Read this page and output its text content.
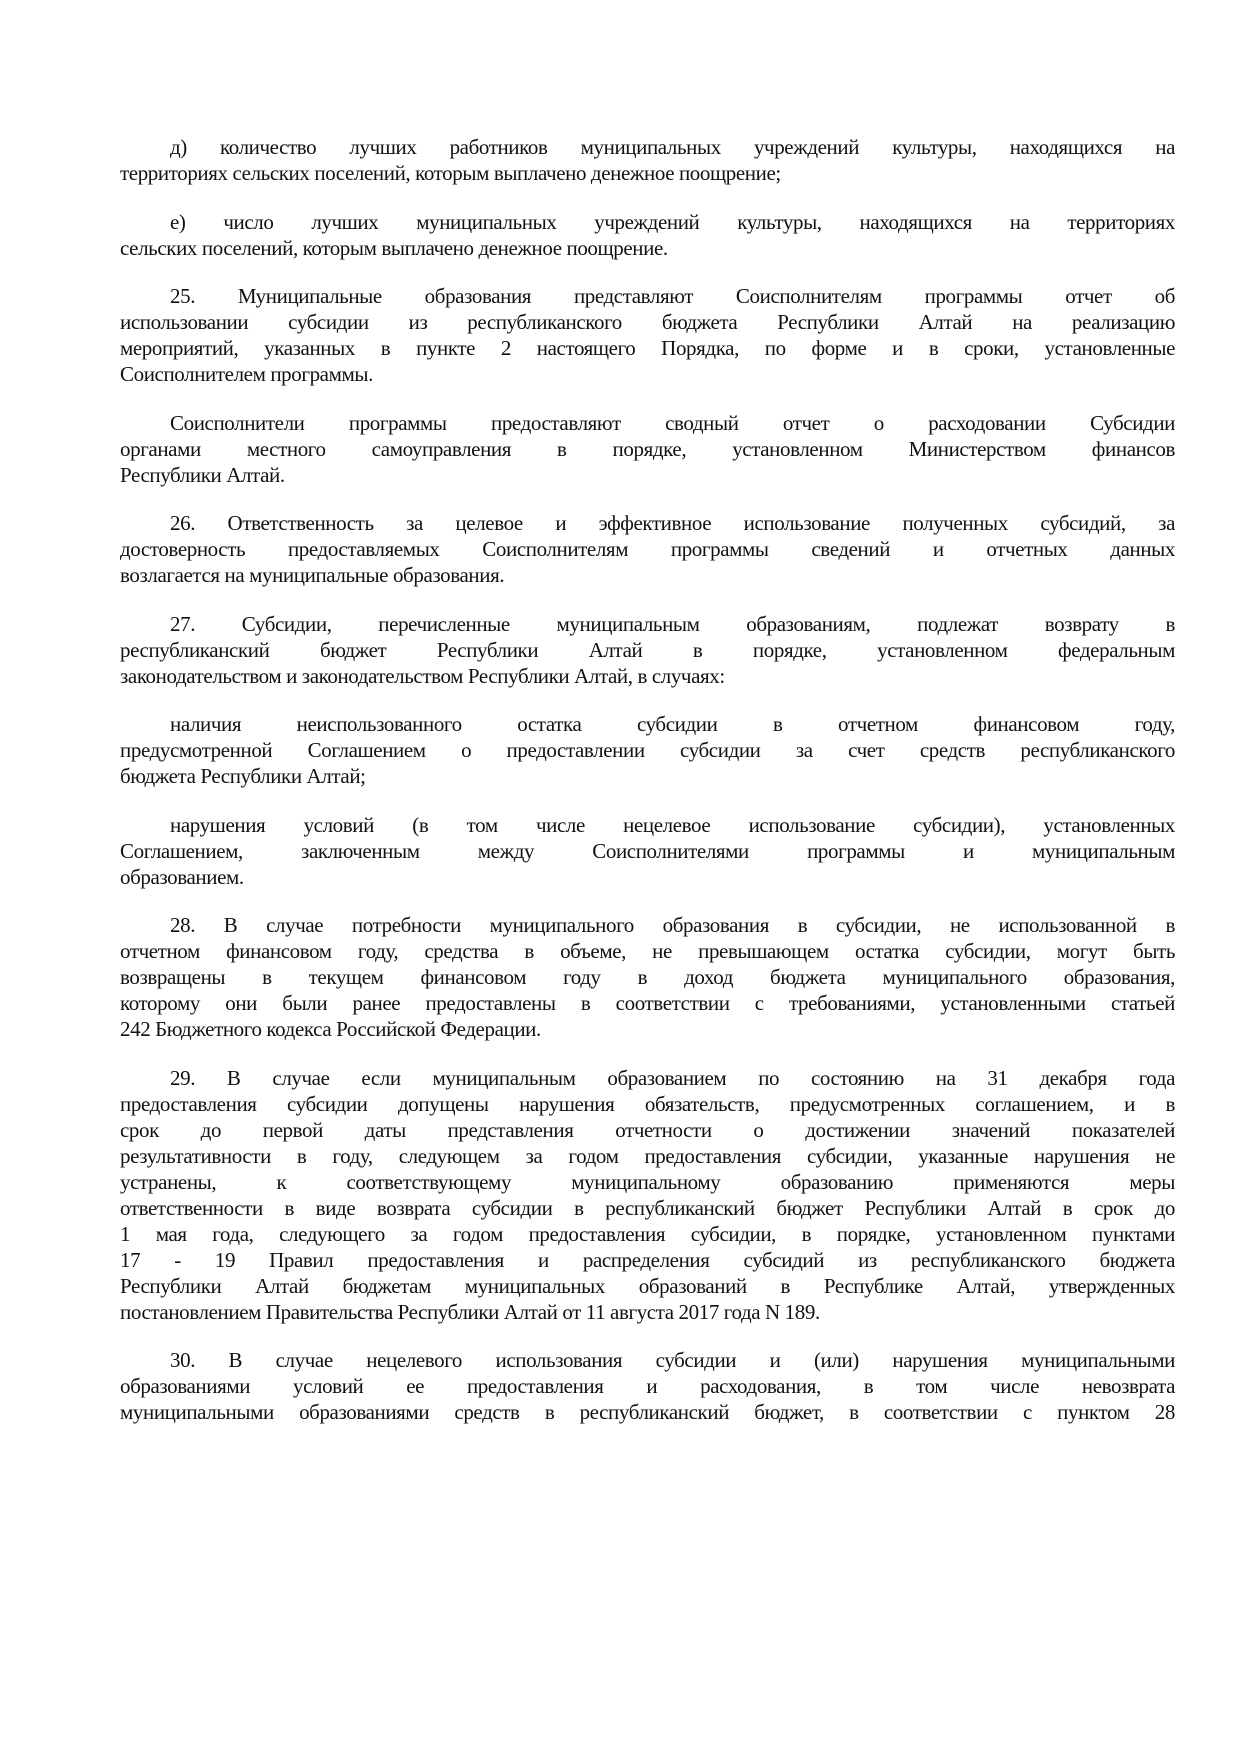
д) количество лучших работников муниципальных учреждений культуры, находящихся на
территориях сельских поселений, которым выплачено денежное поощрение;
е) число лучших муниципальных учреждений культуры, находящихся на территориях
сельских поселений, которым выплачено денежное поощрение.
25. Муниципальные образования представляют Соисполнителям программы отчет об
использовании субсидии из республиканского бюджета Республики Алтай на реализацию
мероприятий, указанных в пункте 2 настоящего Порядка, по форме и в сроки, установленные
Соисполнителем программы.
Соисполнители программы предоставляют сводный отчет о расходовании Субсидии
органами местного самоуправления в порядке, установленном Министерством финансов
Республики Алтай.
26. Ответственность за целевое и эффективное использование полученных субсидий, за
достоверность предоставляемых Соисполнителям программы сведений и отчетных данных
возлагается на муниципальные образования.
27. Субсидии, перечисленные муниципальным образованиям, подлежат возврату в
республиканский бюджет Республики Алтай в порядке, установленном федеральным
законодательством и законодательством Республики Алтай, в случаях:
наличия неиспользованного остатка субсидии в отчетном финансовом году,
предусмотренной Соглашением о предоставлении субсидии за счет средств республиканского
бюджета Республики Алтай;
нарушения условий (в том числе нецелевое использование субсидии), установленных
Соглашением, заключенным между Соисполнителями программы и муниципальным
образованием.
28. В случае потребности муниципального образования в субсидии, не использованной в
отчетном финансовом году, средства в объеме, не превышающем остатка субсидии, могут быть
возвращены в текущем финансовом году в доход бюджета муниципального образования,
которому они были ранее предоставлены в соответствии с требованиями, установленными статьей
242 Бюджетного кодекса Российской Федерации.
29. В случае если муниципальным образованием по состоянию на 31 декабря года
предоставления субсидии допущены нарушения обязательств, предусмотренных соглашением, и в
срок до первой даты представления отчетности о достижении значений показателей
результативности в году, следующем за годом предоставления субсидии, указанные нарушения не
устранены, к соответствующему муниципальному образованию применяются меры
ответственности в виде возврата субсидии в республиканский бюджет Республики Алтай в срок до
1 мая года, следующего за годом предоставления субсидии, в порядке, установленном пунктами
17 - 19 Правил предоставления и распределения субсидий из республиканского бюджета
Республики Алтай бюджетам муниципальных образований в Республике Алтай, утвержденных
постановлением Правительства Республики Алтай от 11 августа 2017 года N 189.
30. В случае нецелевого использования субсидии и (или) нарушения муниципальными
образованиями условий ее предоставления и расходования, в том числе невозврата
муниципальными образованиями средств в республиканский бюджет, в соответствии с пунктом 28
